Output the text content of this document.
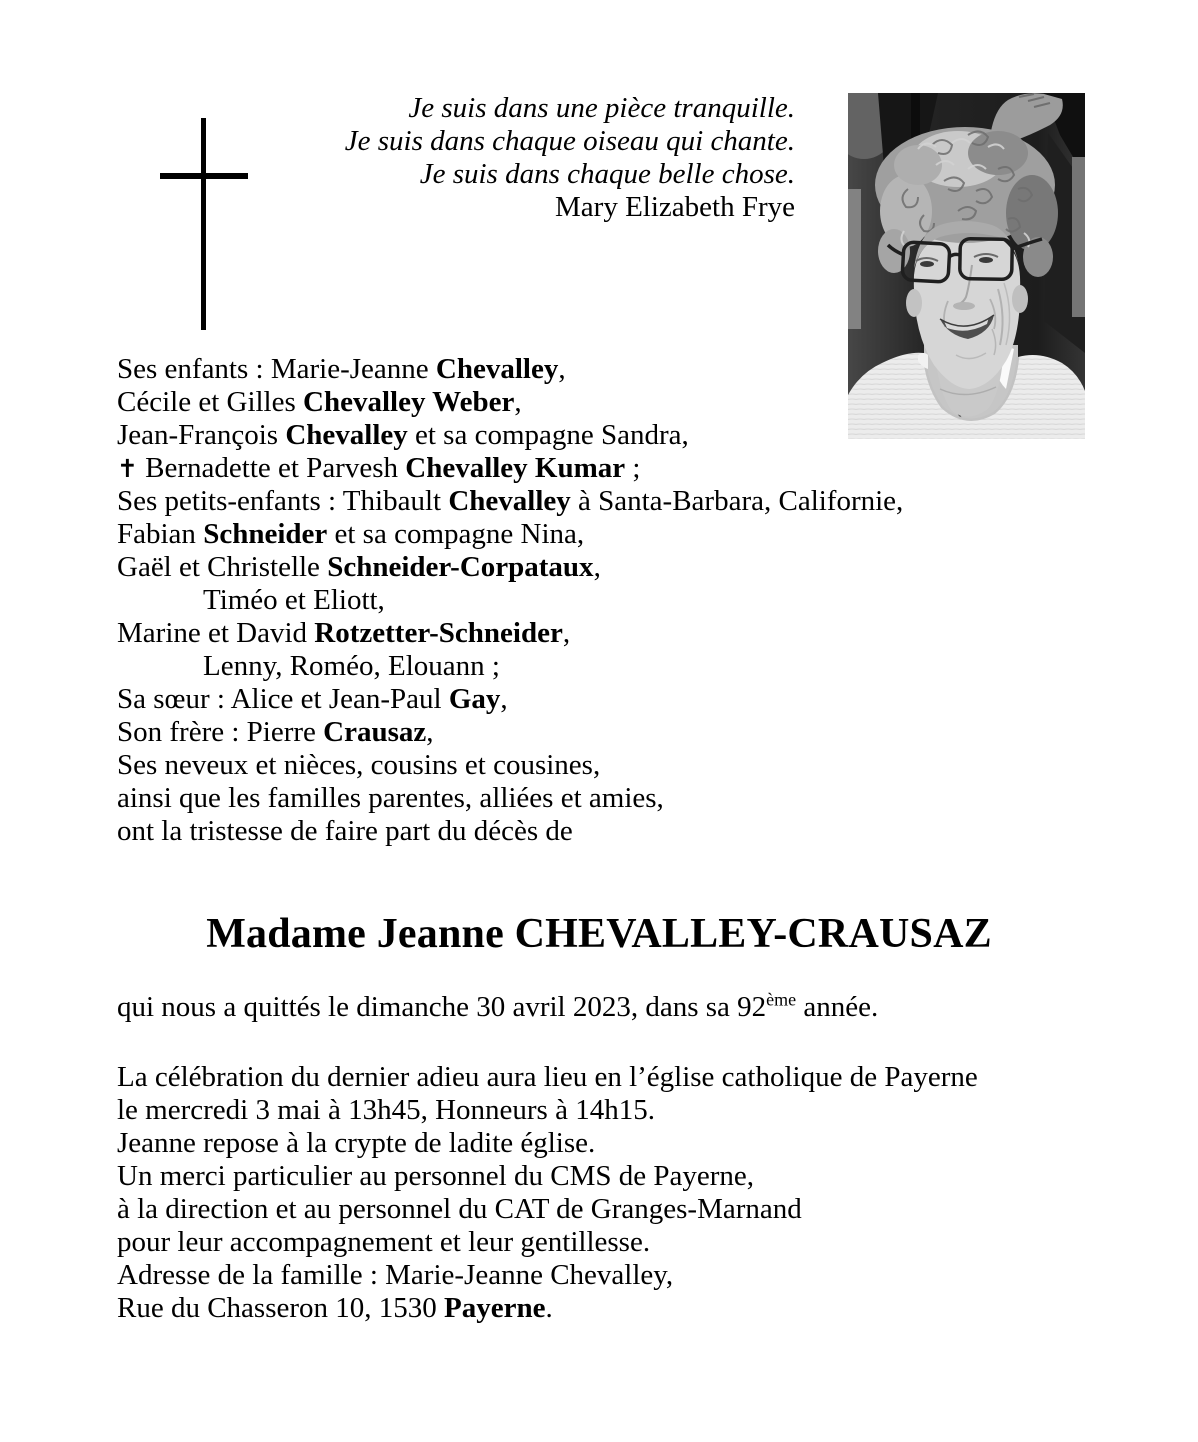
Je suis dans une pièce tranquille.
Je suis dans chaque oiseau qui chante.
Je suis dans chaque belle chose.
Mary Elizabeth Frye
Ses enfants : Marie-Jeanne Chevalley,
Cécile et Gilles Chevalley Weber,
Jean-François Chevalley et sa compagne Sandra,
✝ Bernadette et Parvesh Chevalley Kumar ;
Ses petits-enfants : Thibault Chevalley à Santa-Barbara, Californie,
Fabian Schneider et sa compagne Nina,
Gaël et Christelle Schneider-Corpataux,
Timéo et Eliott,
Marine et David Rotzetter-Schneider,
Lenny, Roméo, Elouann ;
Sa sœur : Alice et Jean-Paul Gay,
Son frère : Pierre Crausaz,
Ses neveux et nièces, cousins et cousines,
ainsi que les familles parentes, alliées et amies,
ont la tristesse de faire part du décès de
Madame Jeanne CHEVALLEY-CRAUSAZ
qui nous a quittés le dimanche 30 avril 2023, dans sa 92ème année.
La célébration du dernier adieu aura lieu en l’église catholique de Payerne
le mercredi 3 mai à 13h45, Honneurs à 14h15.
Jeanne repose à la crypte de ladite église.
Un merci particulier au personnel du CMS de Payerne,
à la direction et au personnel du CAT de Granges-Marnand
pour leur accompagnement et leur gentillesse.
Adresse de la famille : Marie-Jeanne Chevalley,
Rue du Chasseron 10, 1530 Payerne.
